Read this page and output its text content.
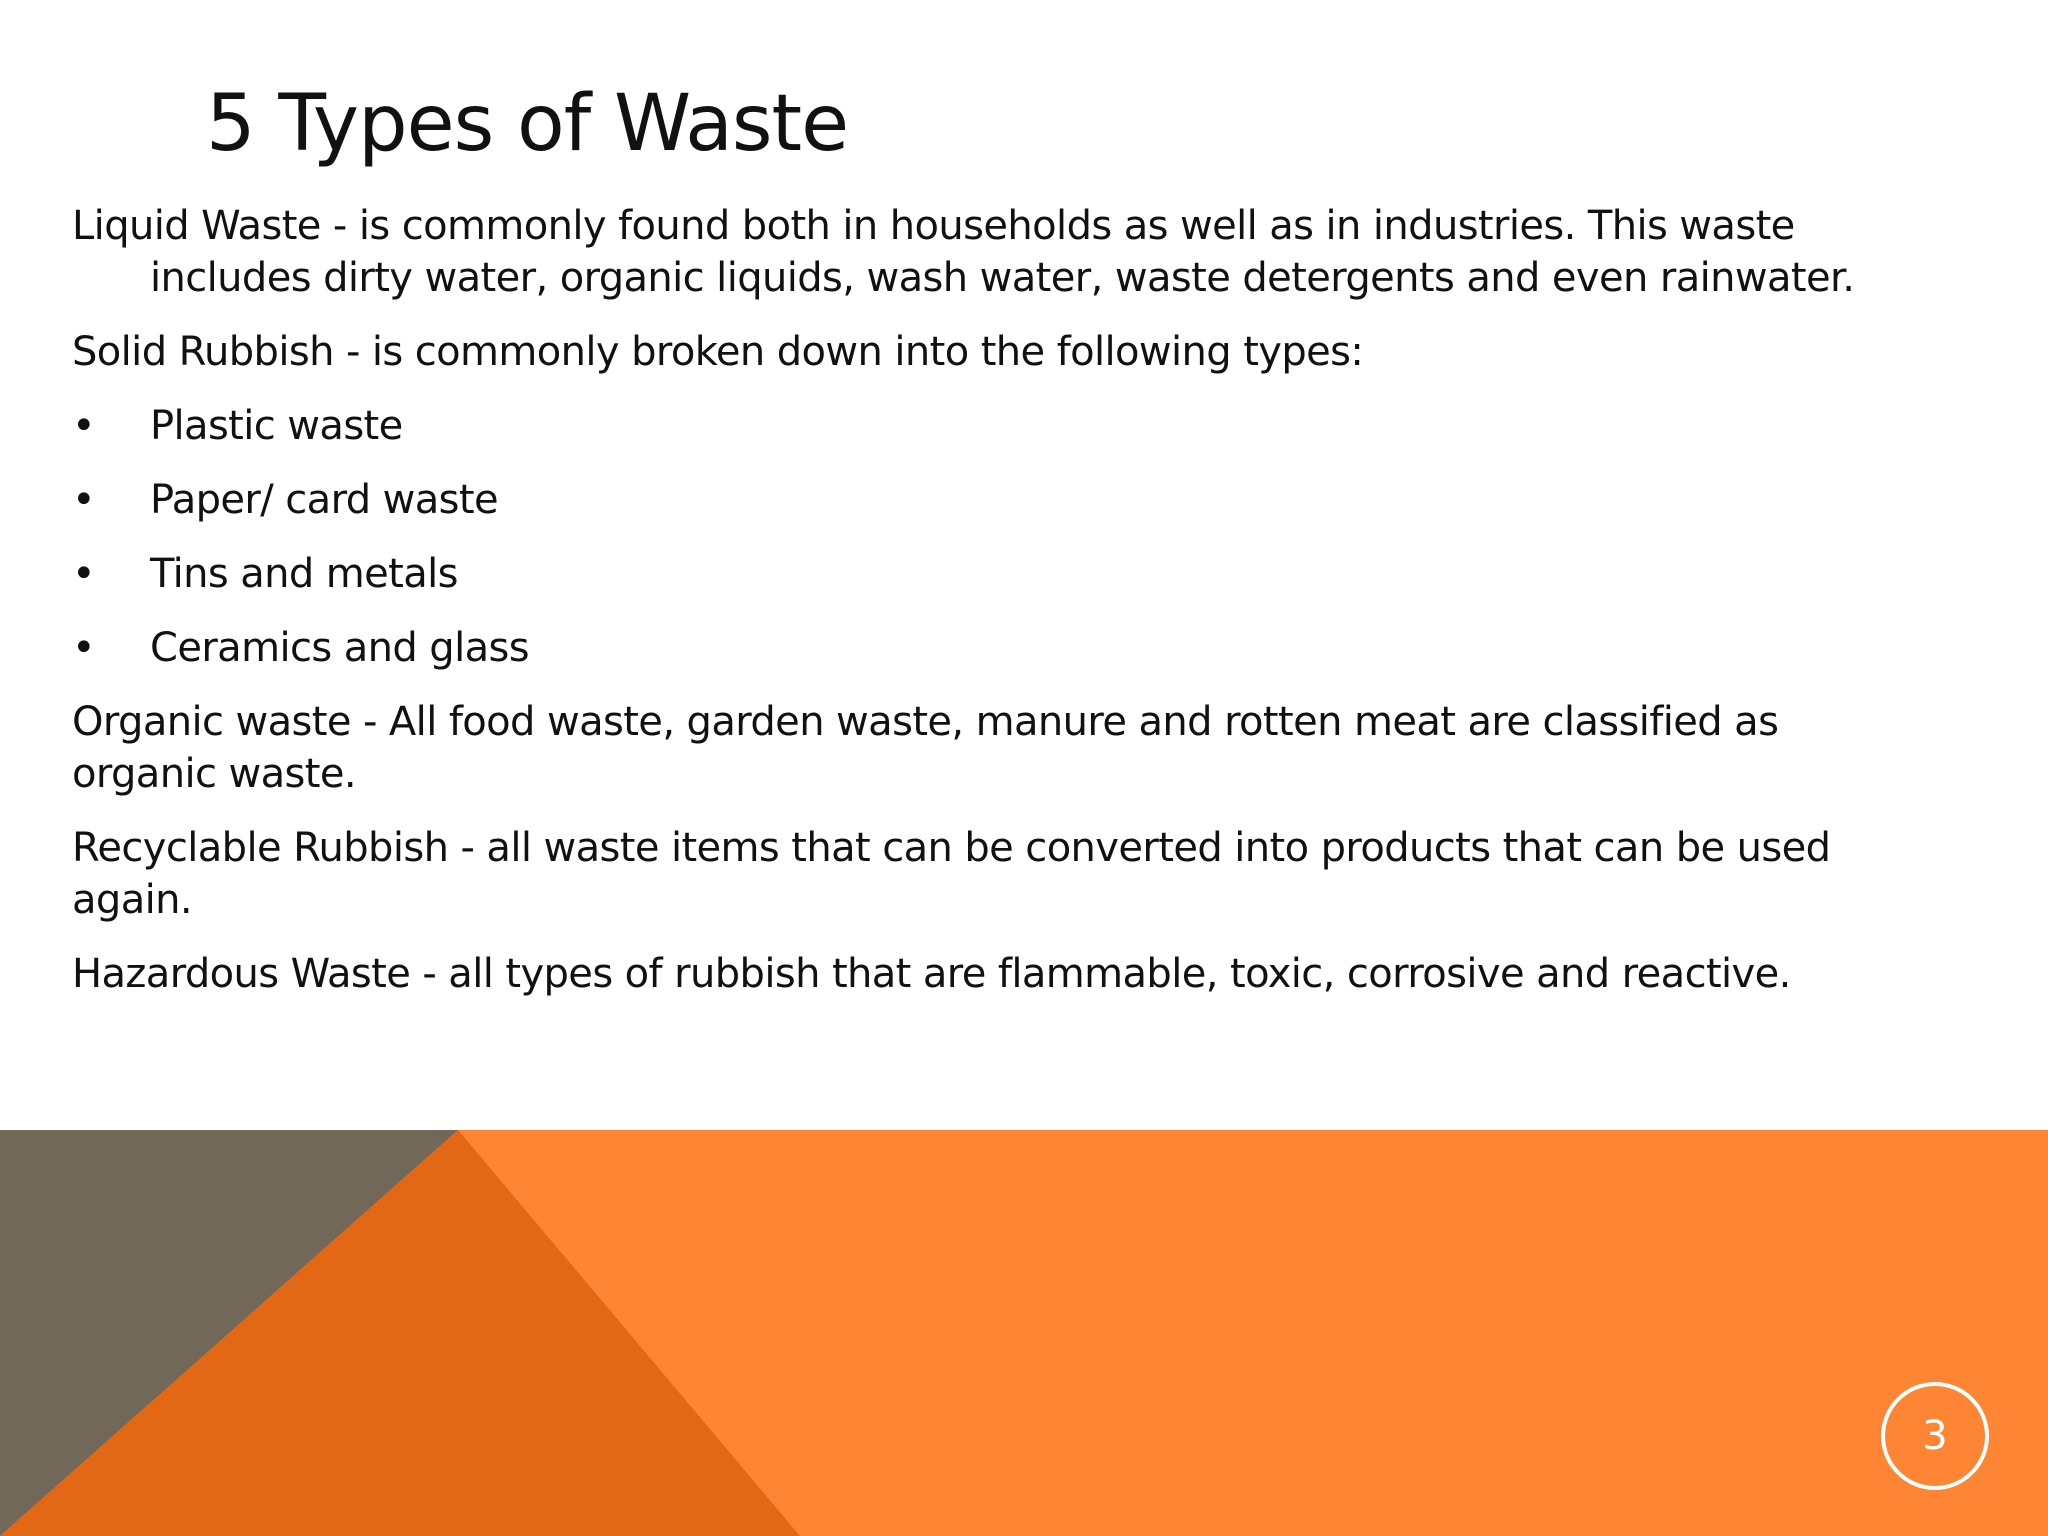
5 Types of Waste

Liquid Waste - is commonly found both in households as well as in industries. This waste includes dirty water, organic liquids, wash water, waste detergents and even rainwater.

Solid Rubbish - is commonly broken down into the following types:

•	Plastic waste
•	Paper/ card waste
•	Tins and metals
•	Ceramics and glass

Organic waste - All food waste, garden waste, manure and rotten meat are classified as organic waste.

Recyclable Rubbish - all waste items that can be converted into products that can be used again.

Hazardous Waste - all types of rubbish that are flammable, toxic, corrosive and reactive.

3
